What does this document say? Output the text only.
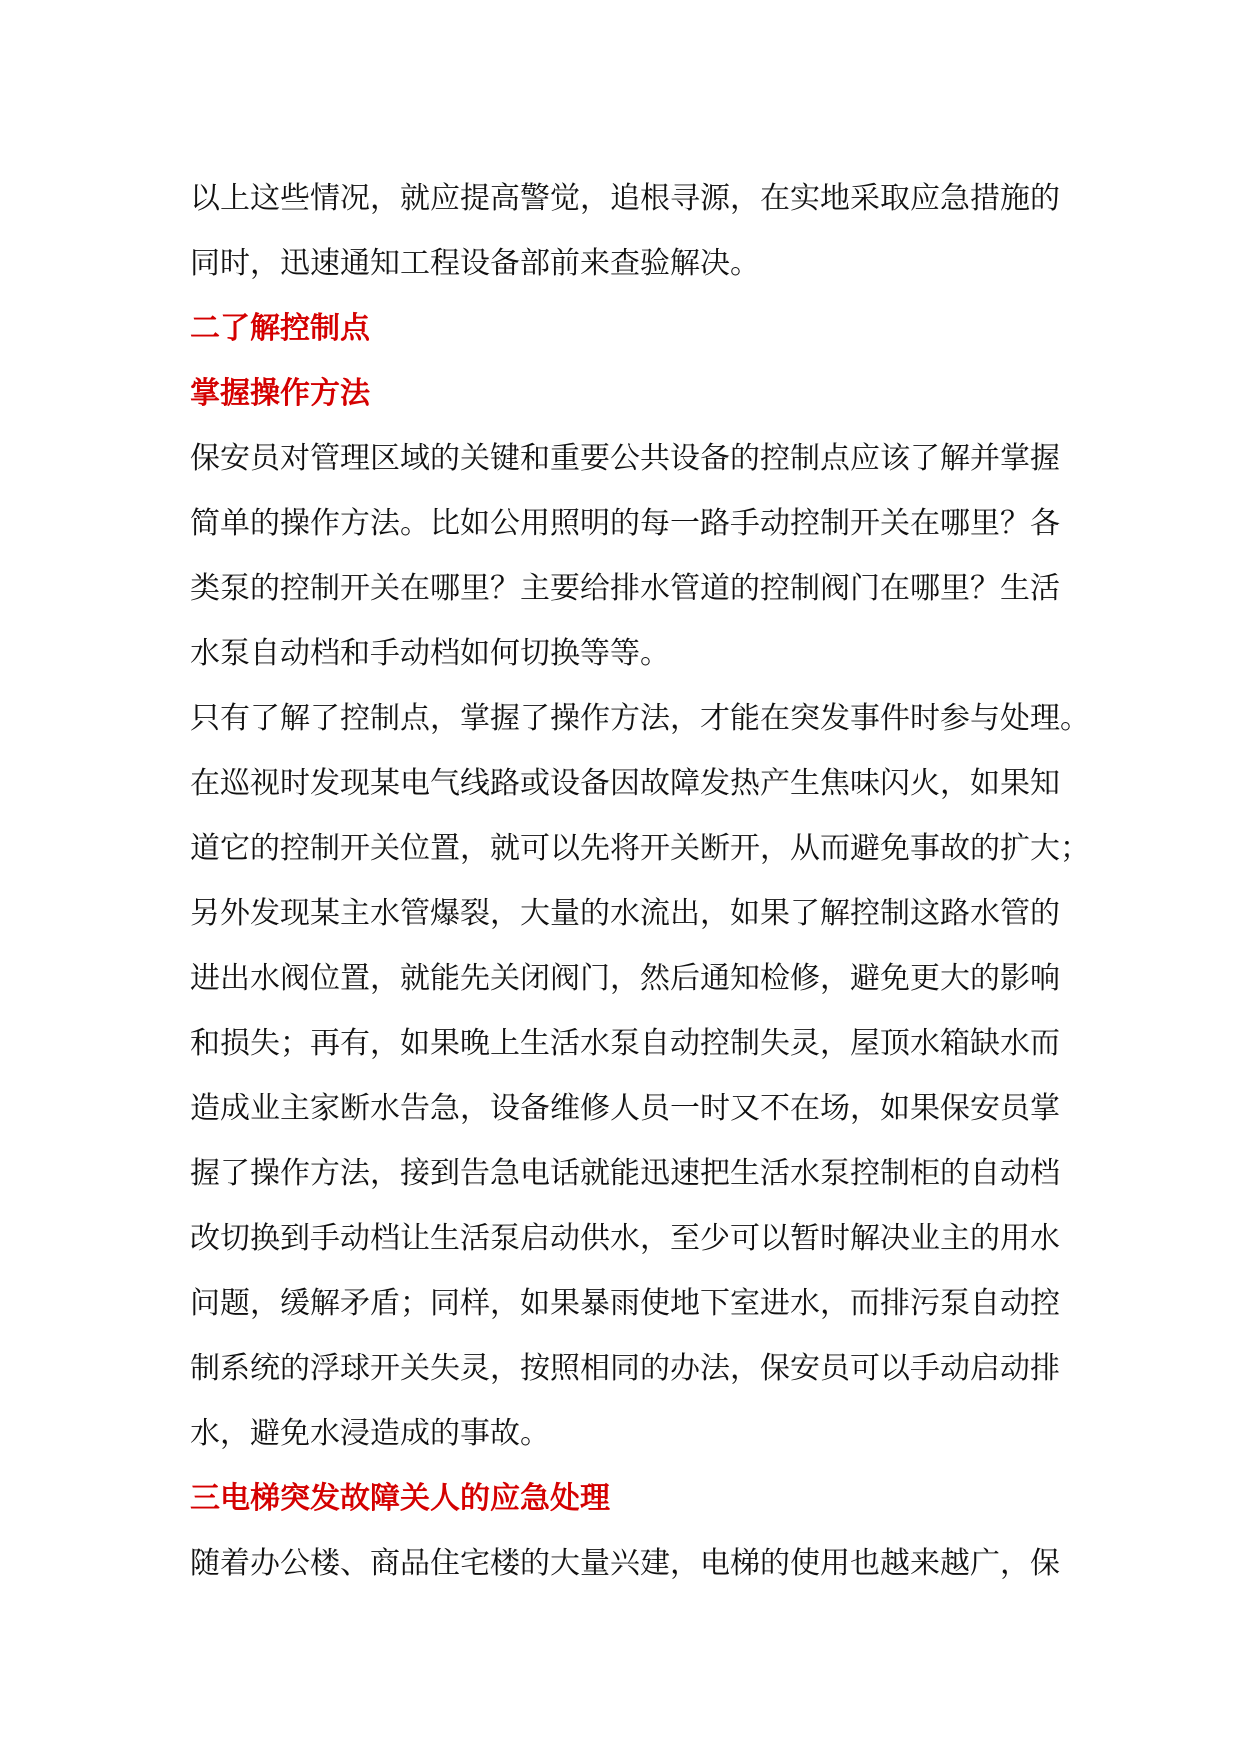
以上这些情况，就应提高警觉，追根寻源，在实地采取应急措施的
同时，迅速通知工程设备部前来查验解决。
二了解控制点
掌握操作方法
保安员对管理区域的关键和重要公共设备的控制点应该了解并掌握
简单的操作方法。比如公用照明的每一路手动控制开关在哪里？各
类泵的控制开关在哪里？主要给排水管道的控制阀门在哪里？生活
水泵自动档和手动档如何切换等等。
只有了解了控制点，掌握了操作方法，才能在突发事件时参与处理。
在巡视时发现某电气线路或设备因故障发热产生焦味闪火，如果知
道它的控制开关位置，就可以先将开关断开，从而避免事故的扩大；
另外发现某主水管爆裂，大量的水流出，如果了解控制这路水管的
进出水阀位置，就能先关闭阀门，然后通知检修，避免更大的影响
和损失；再有，如果晚上生活水泵自动控制失灵，屋顶水箱缺水而
造成业主家断水告急，设备维修人员一时又不在场，如果保安员掌
握了操作方法，接到告急电话就能迅速把生活水泵控制柜的自动档
改切换到手动档让生活泵启动供水，至少可以暂时解决业主的用水
问题，缓解矛盾；同样，如果暴雨使地下室进水，而排污泵自动控
制系统的浮球开关失灵，按照相同的办法，保安员可以手动启动排
水，避免水浸造成的事故。
三电梯突发故障关人的应急处理
随着办公楼、商品住宅楼的大量兴建，电梯的使用也越来越广，保
